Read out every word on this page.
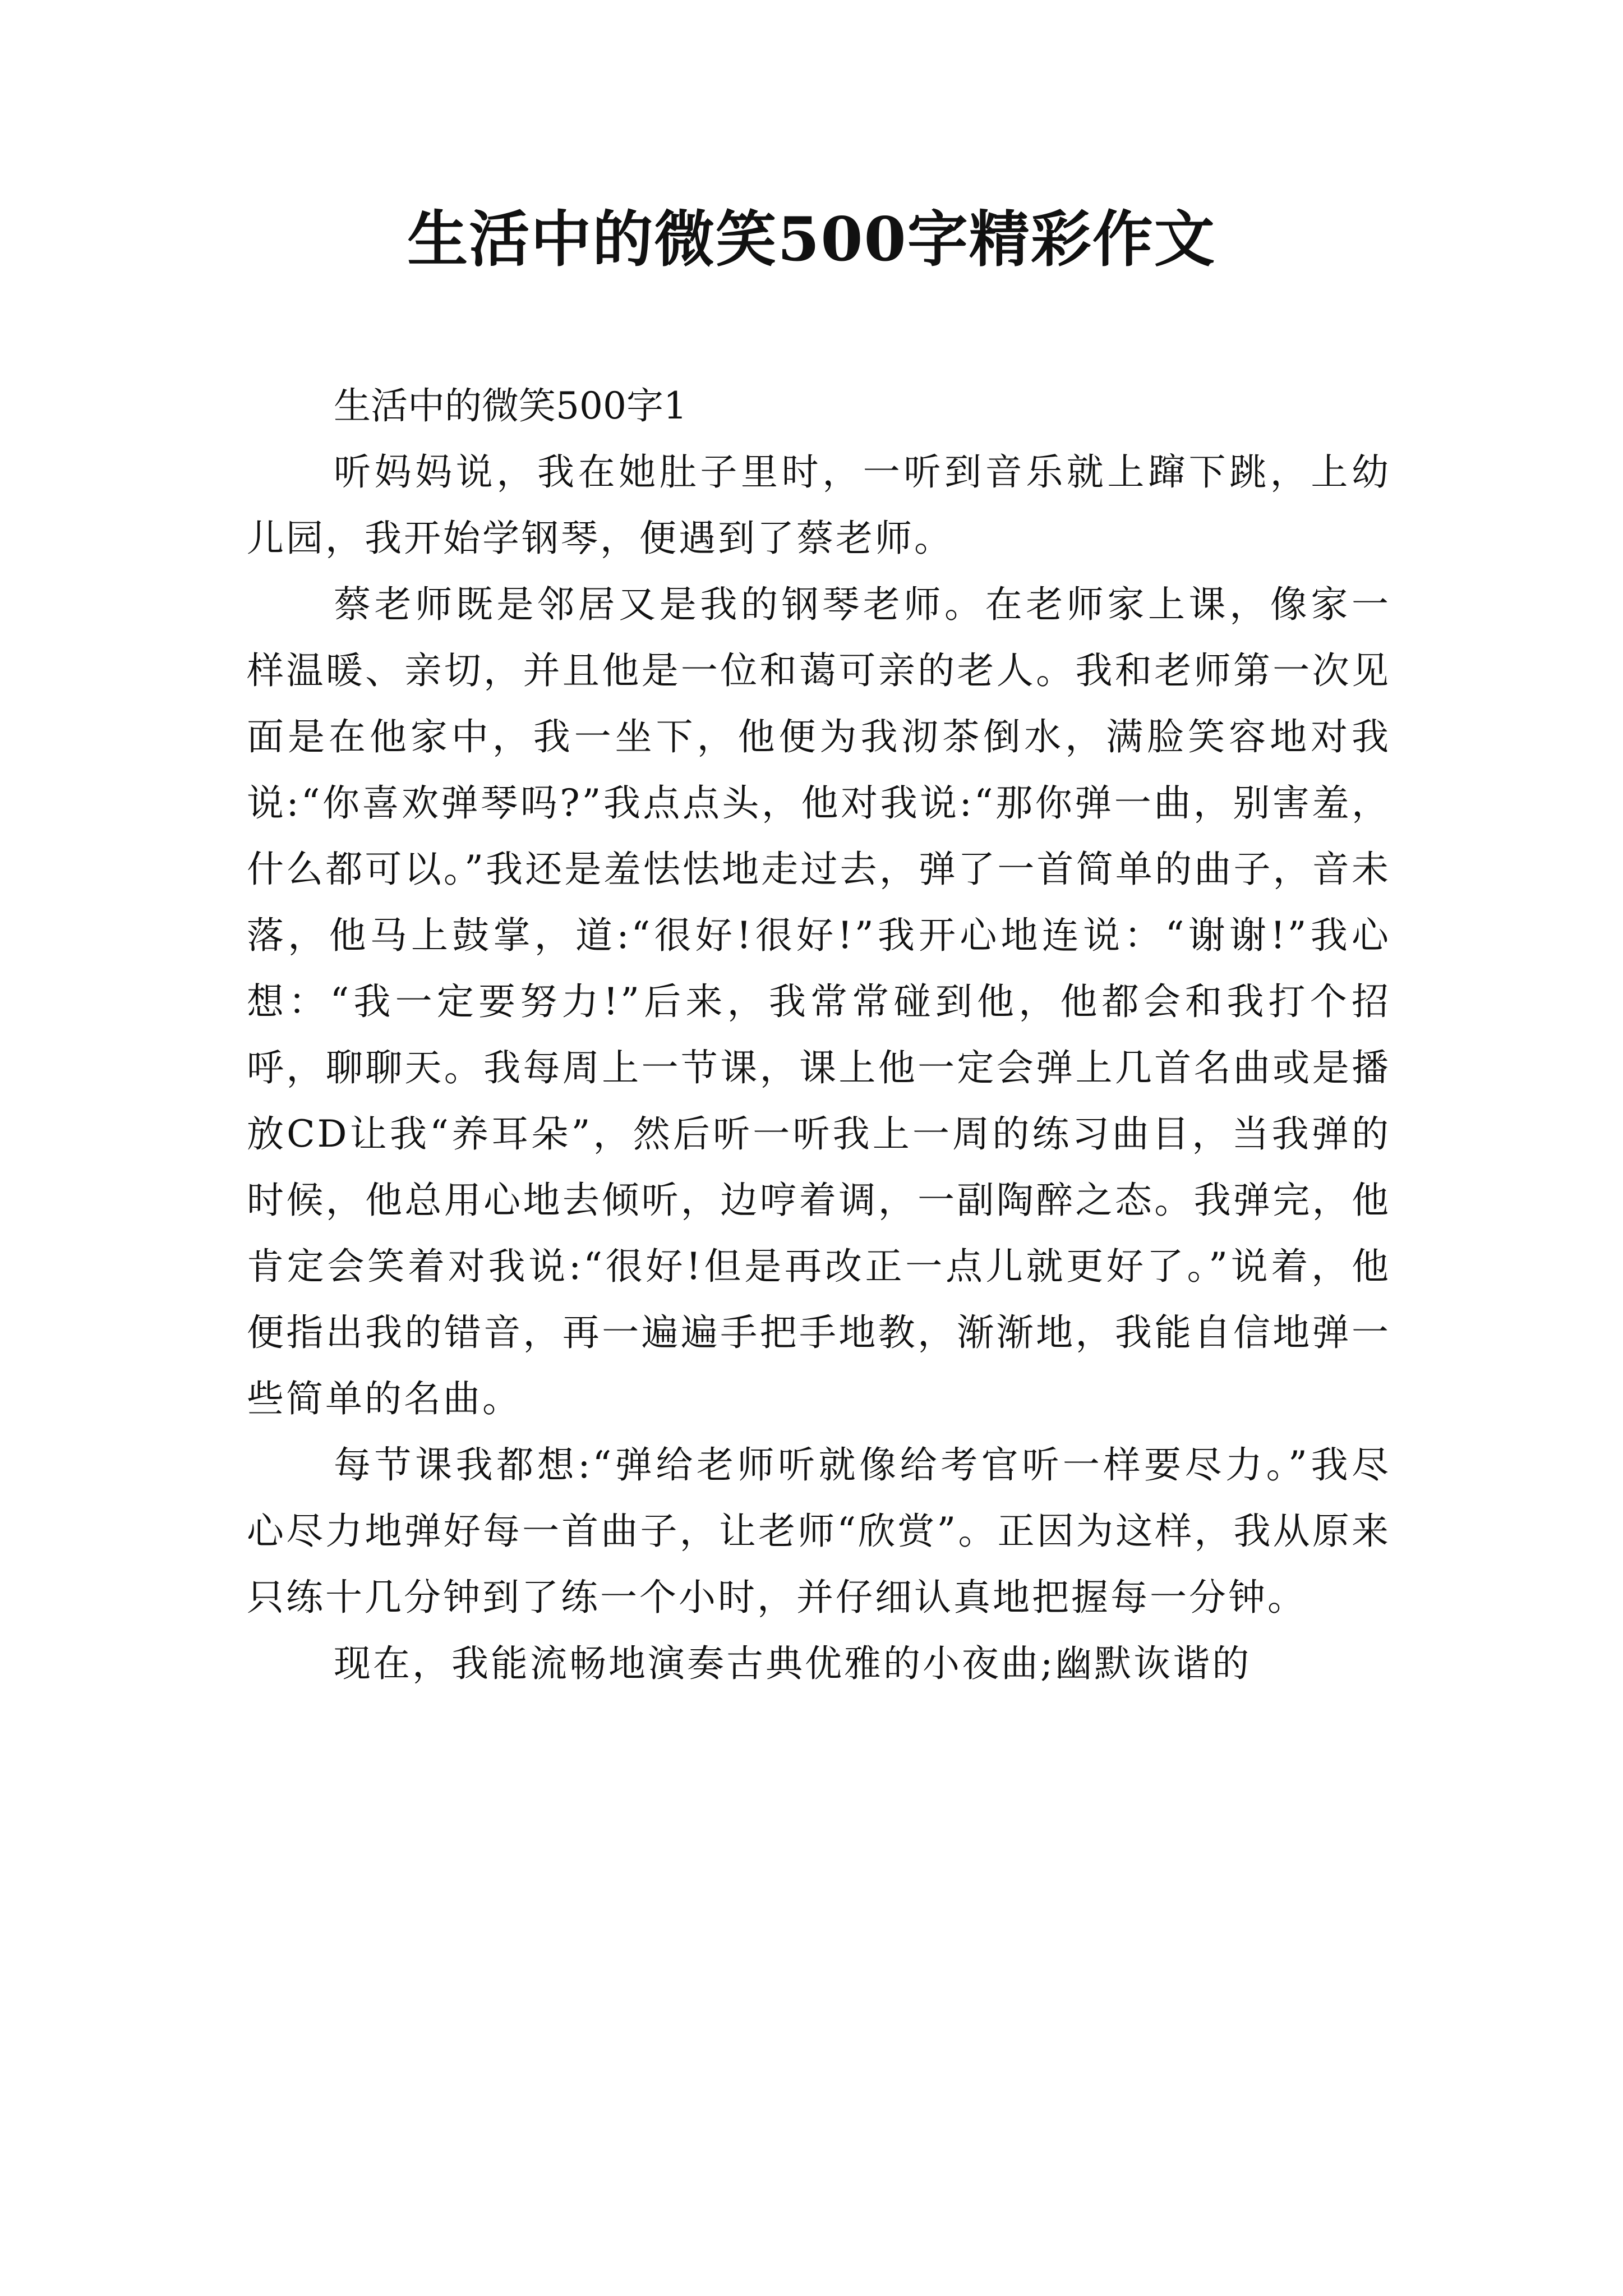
生活中的微笑500字精彩作文

生活中的微笑500字1

听妈妈说，我在她肚子里时，一听到音乐就上蹿下跳，上幼儿园，我开始学钢琴，便遇到了蔡老师。

蔡老师既是邻居又是我的钢琴老师。在老师家上课，像家一样温暖、亲切，并且他是一位和蔼可亲的老人。我和老师第一次见面是在他家中，我一坐下，他便为我沏茶倒水，满脸笑容地对我说:“你喜欢弹琴吗?”我点点头，他对我说:“那你弹一曲，别害羞，什么都可以。”我还是羞怯怯地走过去，弹了一首简单的曲子，音未落，他马上鼓掌，道:“很好!很好!”我开心地连说：“谢谢!”我心想：“我一定要努力!”后来，我常常碰到他，他都会和我打个招呼，聊聊天。我每周上一节课，课上他一定会弹上几首名曲或是播放CD让我“养耳朵”，然后听一听我上一周的练习曲目，当我弹的时候，他总用心地去倾听，边哼着调，一副陶醉之态。我弹完，他肯定会笑着对我说:“很好!但是再改正一点儿就更好了。”说着，他便指出我的错音，再一遍遍手把手地教，渐渐地，我能自信地弹一些简单的名曲。

每节课我都想:“弹给老师听就像给考官听一样要尽力。”我尽心尽力地弹好每一首曲子，让老师“欣赏”。正因为这样，我从原来只练十几分钟到了练一个小时，并仔细认真地把握每一分钟。

现在，我能流畅地演奏古典优雅的小夜曲;幽默诙谐的
